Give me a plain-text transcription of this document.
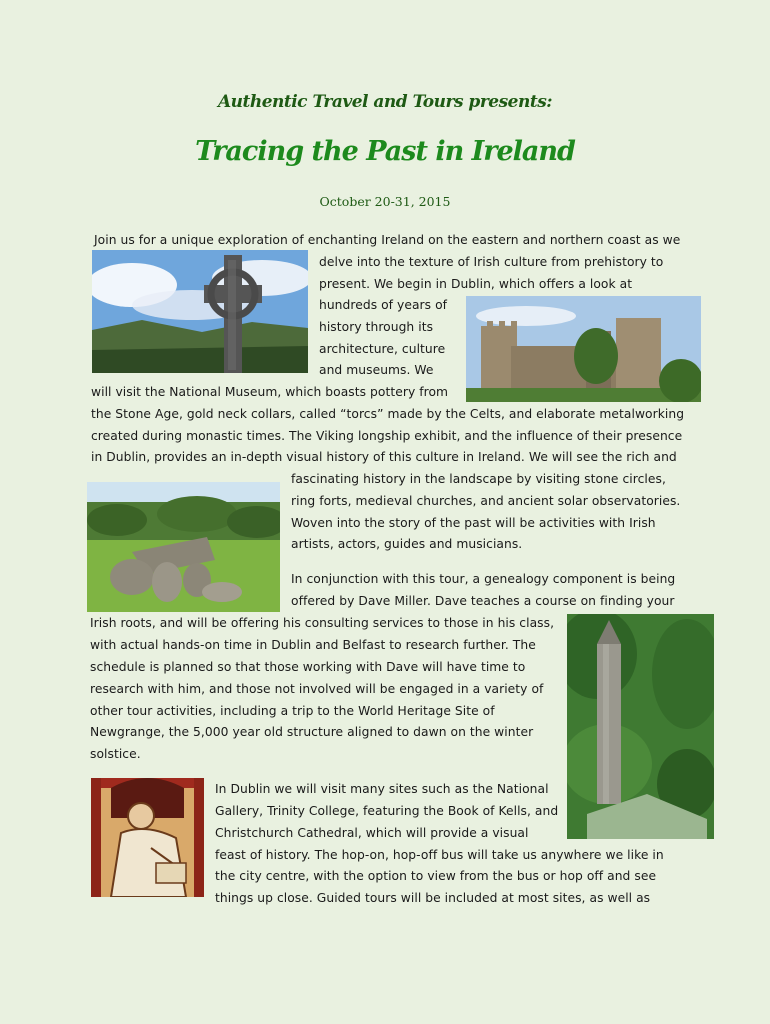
Authentic Travel and Tours presents:
Tracing the Past in Ireland
October 20-31, 2015
Join us for a unique exploration of enchanting Ireland on the eastern and northern coast as we
delve into the texture of Irish culture from prehistory to
present. We begin in Dublin, which offers a look at
hundreds of years of
history through its
architecture, culture
and museums. We
will visit the National Museum, which boasts pottery from
the Stone Age, gold neck collars, called “torcs” made by the Celts, and elaborate metalworking
created during monastic times. The Viking longship exhibit, and the influence of their presence
in Dublin, provides an in-depth visual history of this culture in Ireland. We will see the rich and
fascinating history in the landscape by visiting stone circles,
ring forts, medieval churches, and ancient solar observatories.
Woven into the story of the past will be activities with Irish
artists, actors, guides and musicians.
In conjunction with this tour, a genealogy component is being
offered by Dave Miller. Dave teaches a course on finding your
Irish roots, and will be offering his consulting services to those in his class,
with actual hands-on time in Dublin and Belfast to research further. The
schedule is planned so that those working with Dave will have time to
research with him, and those not involved will be engaged in a variety of
other tour activities, including a trip to the World Heritage Site of
Newgrange, the 5,000 year old structure aligned to dawn on the winter
solstice.
In Dublin we will visit many sites such as the National
Gallery, Trinity College, featuring the Book of Kells, and
Christchurch Cathedral, which will provide a visual
feast of history. The hop-on, hop-off bus will take us anywhere we like in
the city centre, with the option to view from the bus or hop off and see
things up close. Guided tours will be included at most sites, as well as
